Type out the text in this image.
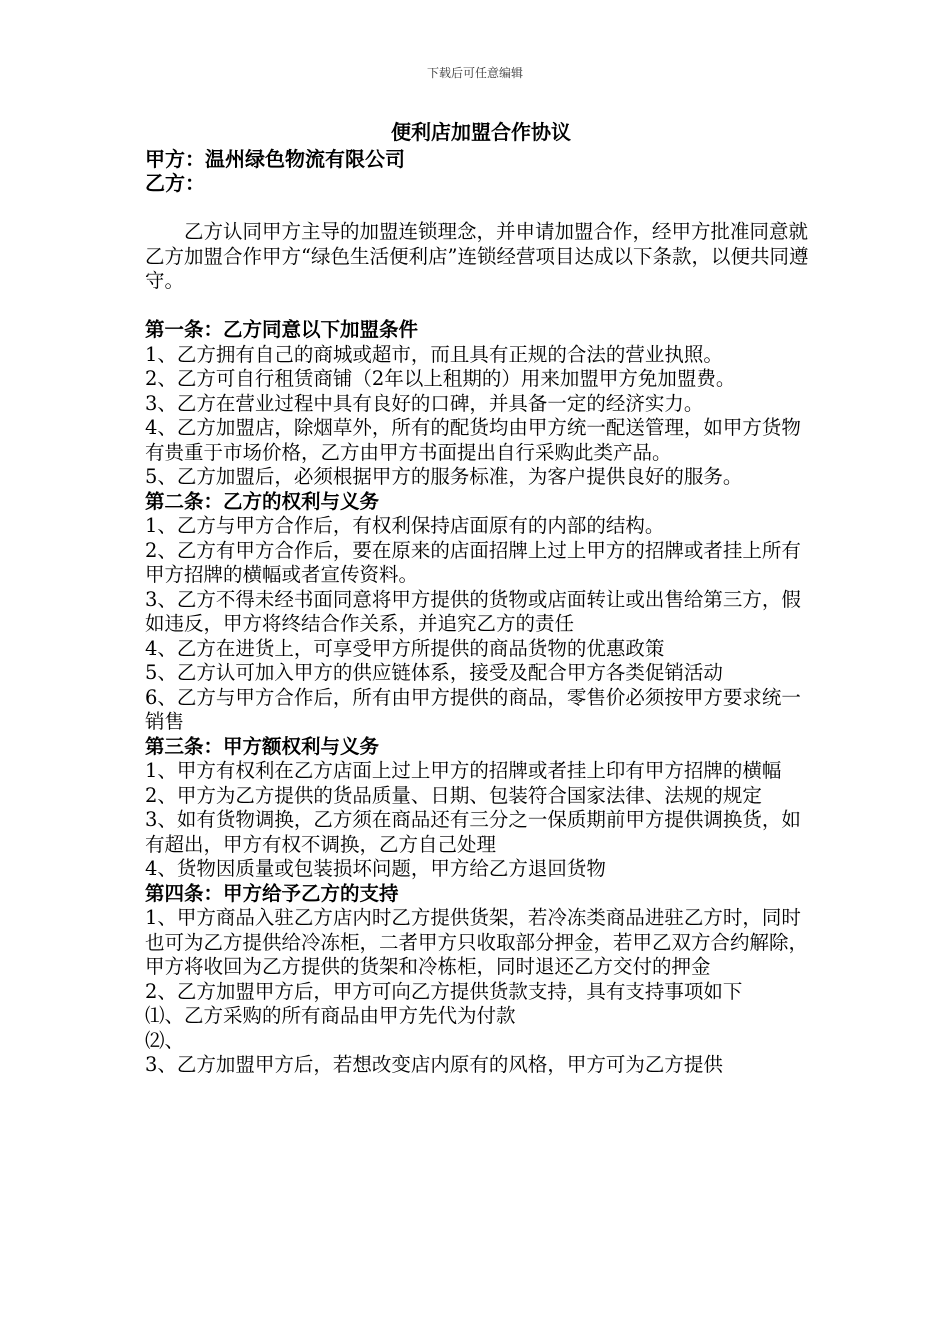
下载后可任意编辑

便利店加盟合作协议

甲方：温州绿色物流有限公司

乙方：

乙方认同甲方主导的加盟连锁理念，并申请加盟合作，经甲方批准同意就乙方加盟合作甲方“绿色生活便利店”连锁经营项目达成以下条款，以便共同遵守。

第一条：乙方同意以下加盟条件

1、乙方拥有自己的商城或超市，而且具有正规的合法的营业执照。

2、乙方可自行租赁商铺（2年以上租期的）用来加盟甲方免加盟费。

3、乙方在营业过程中具有良好的口碑，并具备一定的经济实力。

4、乙方加盟店，除烟草外，所有的配货均由甲方统一配送管理，如甲方货物有贵重于市场价格，乙方由甲方书面提出自行采购此类产品。

5、乙方加盟后，必须根据甲方的服务标准，为客户提供良好的服务。

第二条：乙方的权利与义务

1、乙方与甲方合作后，有权利保持店面原有的内部的结构。

2、乙方有甲方合作后，要在原来的店面招牌上过上甲方的招牌或者挂上所有甲方招牌的横幅或者宣传资料。

3、乙方不得未经书面同意将甲方提供的货物或店面转让或出售给第三方，假如违反，甲方将终结合作关系，并追究乙方的责任

4、乙方在进货上，可享受甲方所提供的商品货物的优惠政策

5、乙方认可加入甲方的供应链体系，接受及配合甲方各类促销活动

6、乙方与甲方合作后，所有由甲方提供的商品，零售价必须按甲方要求统一销售

第三条：甲方额权利与义务

1、甲方有权利在乙方店面上过上甲方的招牌或者挂上印有甲方招牌的横幅

2、甲方为乙方提供的货品质量、日期、包装符合国家法律、法规的规定

3、如有货物调换，乙方须在商品还有三分之一保质期前甲方提供调换货，如有超出，甲方有权不调换，乙方自己处理

4、货物因质量或包装损坏问题，甲方给乙方退回货物

第四条：甲方给予乙方的支持

1、甲方商品入驻乙方店内时乙方提供货架，若冷冻类商品进驻乙方时，同时也可为乙方提供给冷冻柜，二者甲方只收取部分押金，若甲乙双方合约解除，甲方将收回为乙方提供的货架和冷栋柜，同时退还乙方交付的押金

2、乙方加盟甲方后，甲方可向乙方提供货款支持，具有支持事项如下

⑴、乙方采购的所有商品由甲方先代为付款

⑵、

3、乙方加盟甲方后，若想改变店内原有的风格，甲方可为乙方提供
